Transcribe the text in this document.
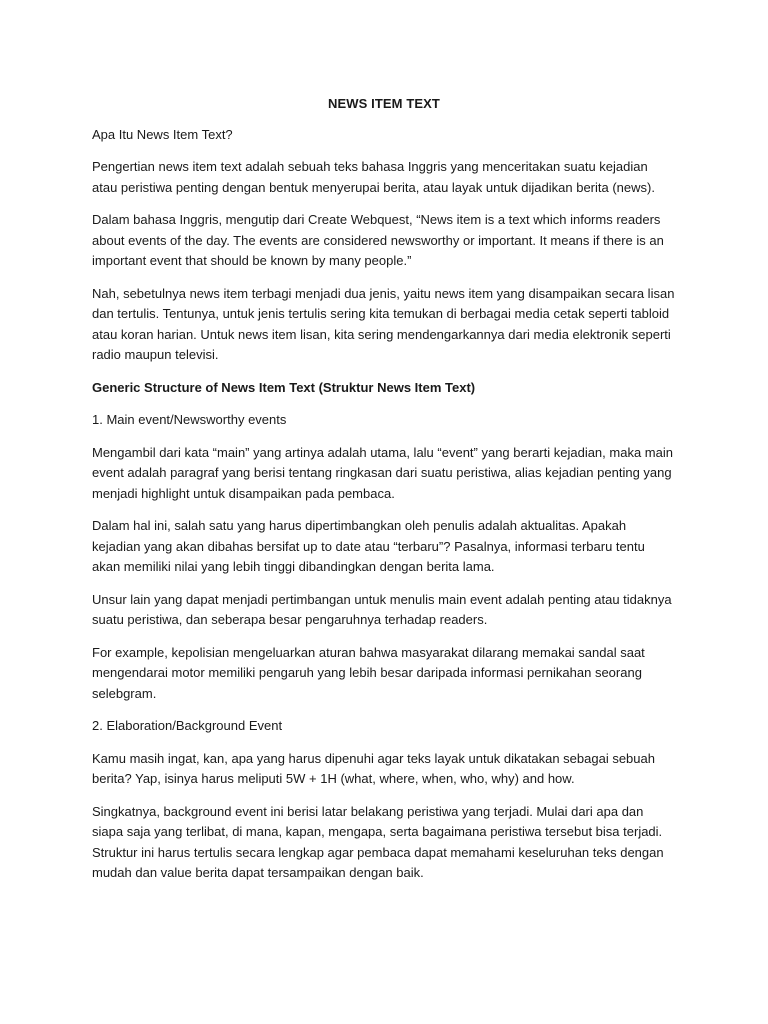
NEWS ITEM TEXT

Apa Itu News Item Text?

Pengertian news item text adalah sebuah teks bahasa Inggris yang menceritakan suatu kejadian atau peristiwa penting dengan bentuk menyerupai berita, atau layak untuk dijadikan berita (news).

Dalam bahasa Inggris, mengutip dari Create Webquest, “News item is a text which informs readers about events of the day. The events are considered newsworthy or important. It means if there is an important event that should be known by many people.”

Nah, sebetulnya news item terbagi menjadi dua jenis, yaitu news item yang disampaikan secara lisan dan tertulis. Tentunya, untuk jenis tertulis sering kita temukan di berbagai media cetak seperti tabloid atau koran harian. Untuk news item lisan, kita sering mendengarkannya dari media elektronik seperti radio maupun televisi.

Generic Structure of News Item Text (Struktur News Item Text)

1. Main event/Newsworthy events

Mengambil dari kata “main” yang artinya adalah utama, lalu “event” yang berarti kejadian, maka main event adalah paragraf yang berisi tentang ringkasan dari suatu peristiwa, alias kejadian penting yang menjadi highlight untuk disampaikan pada pembaca.

Dalam hal ini, salah satu yang harus dipertimbangkan oleh penulis adalah aktualitas. Apakah kejadian yang akan dibahas bersifat up to date atau “terbaru”? Pasalnya, informasi terbaru tentu akan memiliki nilai yang lebih tinggi dibandingkan dengan berita lama.

Unsur lain yang dapat menjadi pertimbangan untuk menulis main event adalah penting atau tidaknya suatu peristiwa, dan seberapa besar pengaruhnya terhadap readers.

For example, kepolisian mengeluarkan aturan bahwa masyarakat dilarang memakai sandal saat mengendarai motor memiliki pengaruh yang lebih besar daripada informasi pernikahan seorang selebgram.

2. Elaboration/Background Event

Kamu masih ingat, kan, apa yang harus dipenuhi agar teks layak untuk dikatakan sebagai sebuah berita? Yap, isinya harus meliputi 5W + 1H (what, where, when, who, why) and how.

Singkatnya, background event ini berisi latar belakang peristiwa yang terjadi. Mulai dari apa dan siapa saja yang terlibat, di mana, kapan, mengapa, serta bagaimana peristiwa tersebut bisa terjadi. Struktur ini harus tertulis secara lengkap agar pembaca dapat memahami keseluruhan teks dengan mudah dan value berita dapat tersampaikan dengan baik.
